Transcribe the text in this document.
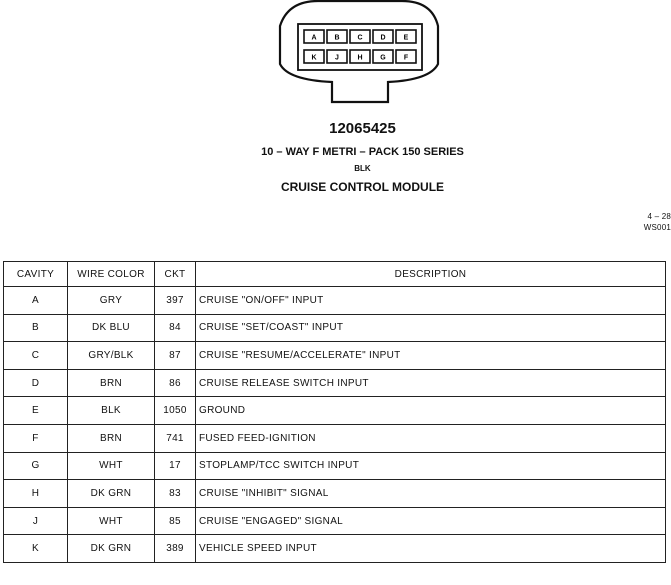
A	B	C	D	E
K	J	H	G	F
12065425
10 – WAY F METRI – PACK 150 SERIES
BLK
CRUISE CONTROL MODULE
4 – 28
WS001
CAVITY	WIRE COLOR	CKT	DESCRIPTION
A	GRY	397	CRUISE "ON/OFF" INPUT
B	DK BLU	84	CRUISE "SET/COAST" INPUT
C	GRY/BLK	87	CRUISE "RESUME/ACCELERATE" INPUT
D	BRN	86	CRUISE RELEASE SWITCH INPUT
E	BLK	1050	GROUND
F	BRN	741	FUSED FEED-IGNITION
G	WHT	17	STOPLAMP/TCC SWITCH INPUT
H	DK GRN	83	CRUISE "INHIBIT" SIGNAL
J	WHT	85	CRUISE "ENGAGED" SIGNAL
K	DK GRN	389	VEHICLE SPEED INPUT
